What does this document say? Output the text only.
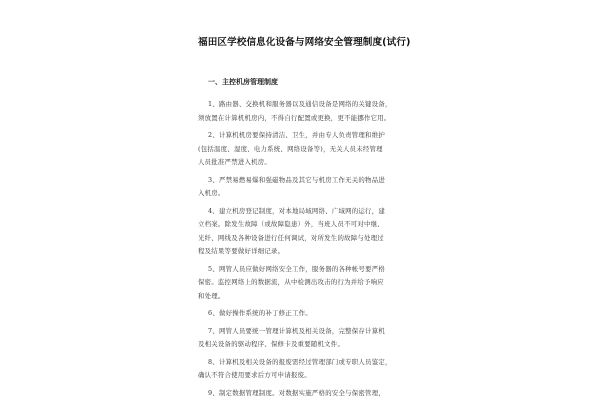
福田区学校信息化设备与网络安全管理制度(试行)
一、主控机房管理制度
1、路由器、交换机和服务器以及通信设备是网络的关键设备，
须放置在计算机机房内，不得自行配置或更换，更不能挪作它用。
2、计算机机房要保持清洁、卫生，并由专人负责管理和维护
(包括温度、湿度、电力系统、网络设备等)，无关人员未经管理
人员批准严禁进入机房。
3、严禁易燃易爆和强磁物品及其它与机房工作无关的物品进
入机房。
4、建立机房登记制度，对本地局域网络、广域网的运行，建
立档案。除发生故障（或故障隐患）外，当班人员不可对中继、
光纤、网线及各种设备进行任何调试，对所发生的故障与处理过
程及结果等要做好详细记录。
5、网管人员应做好网络安全工作，服务器的各种帐号要严格
保密。监控网络上的数据流，从中检测出攻击的行为并给予响应
和处理。
6、做好操作系统的补丁修正工作。
7、网管人员要统一管理计算机及相关设备，完整保存计算机
及相关设备的驱动程序、保修卡及重要随机文件。
8、计算机及相关设备的报废需经过管理部门或专职人员鉴定，
确认不符合使用要求后方可申请报废。
9、制定数据管理制度。对数据实施严格的安全与保密管理，
